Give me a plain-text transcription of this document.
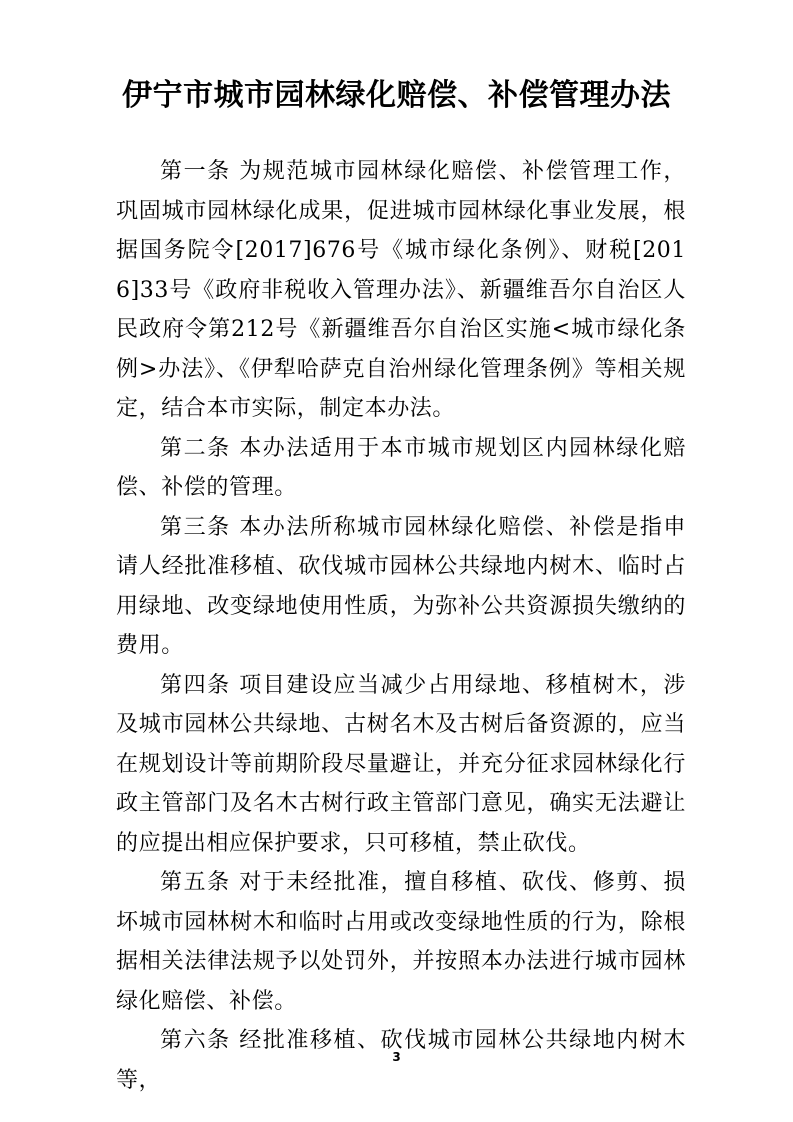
伊宁市城市园林绿化赔偿、补偿管理办法

第一条 为规范城市园林绿化赔偿、补偿管理工作，巩固城市园林绿化成果，促进城市园林绿化事业发展，根据国务院令[2017]676号《城市绿化条例》、财税[2016]33号《政府非税收入管理办法》、新疆维吾尔自治区人民政府令第212号《新疆维吾尔自治区实施<城市绿化条例>办法》、《伊犁哈萨克自治州绿化管理条例》等相关规定，结合本市实际，制定本办法。

第二条 本办法适用于本市城市规划区内园林绿化赔偿、补偿的管理。

第三条 本办法所称城市园林绿化赔偿、补偿是指申请人经批准移植、砍伐城市园林公共绿地内树木、临时占用绿地、改变绿地使用性质，为弥补公共资源损失缴纳的费用。

第四条 项目建设应当减少占用绿地、移植树木，涉及城市园林公共绿地、古树名木及古树后备资源的，应当在规划设计等前期阶段尽量避让，并充分征求园林绿化行政主管部门及名木古树行政主管部门意见，确实无法避让的应提出相应保护要求，只可移植，禁止砍伐。

第五条 对于未经批准，擅自移植、砍伐、修剪、损坏城市园林树木和临时占用或改变绿地性质的行为，除根据相关法律法规予以处罚外，并按照本办法进行城市园林绿化赔偿、补偿。

第六条 经批准移植、砍伐城市园林公共绿地内树木等，

3
